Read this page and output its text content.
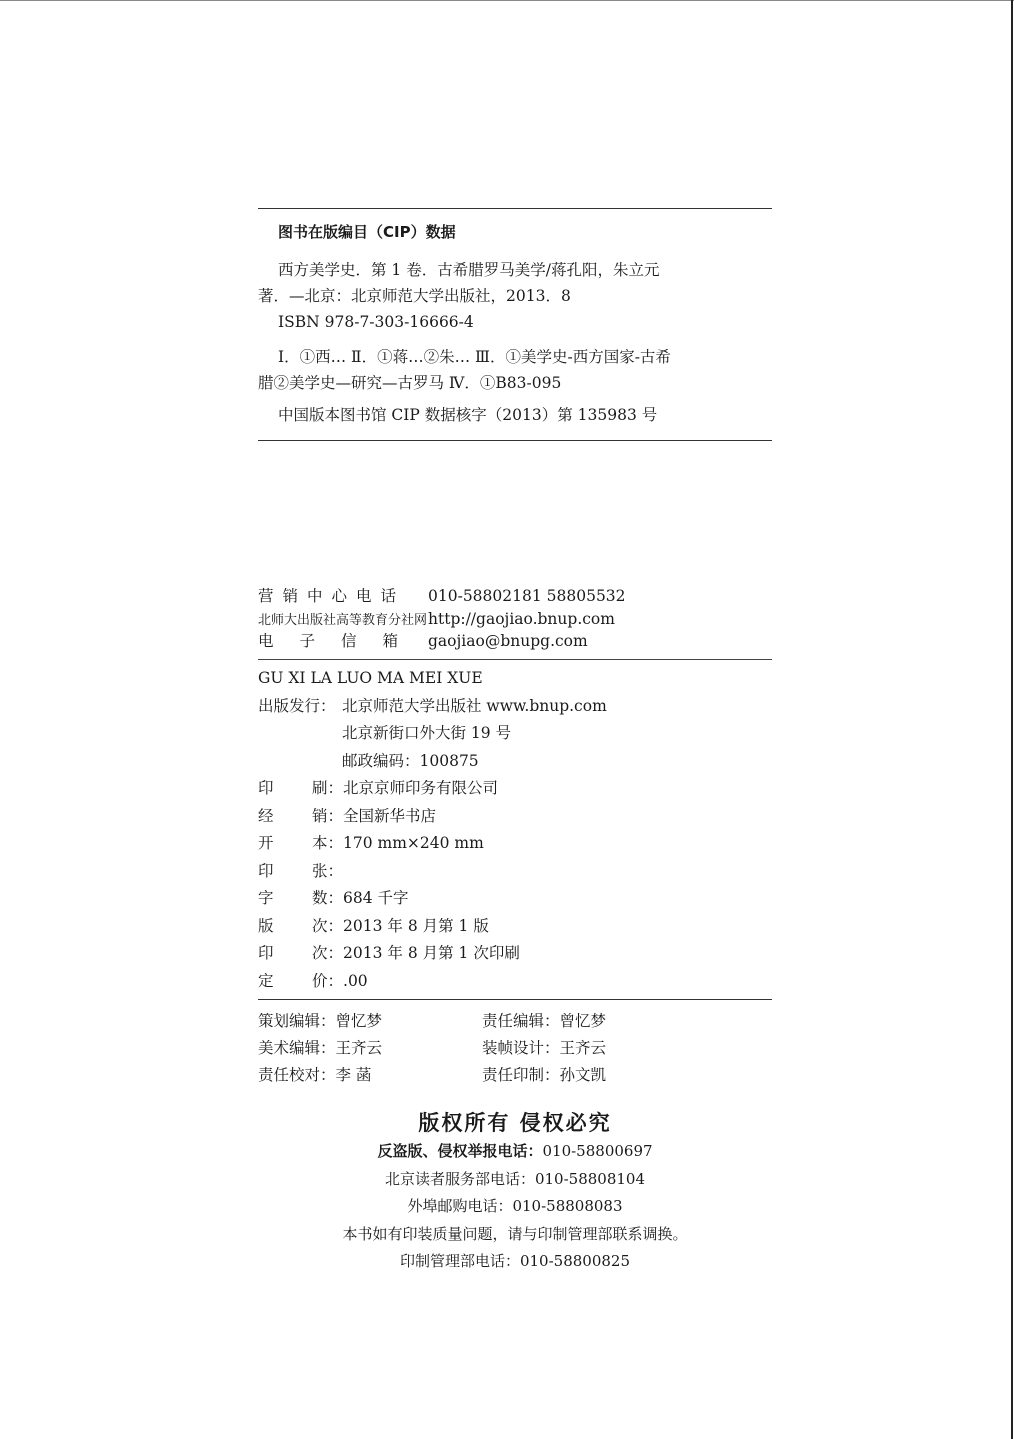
图书在版编目（CIP）数据

西方美学史．第 1 卷．古希腊罗马美学/蒋孔阳，朱立元

著．—北京：北京师范大学出版社，2013．8

ISBN 978-7-303-16666-4

Ⅰ．①西… Ⅱ．①蒋…②朱… Ⅲ．①美学史-西方国家-古希

腊②美学史—研究—古罗马 Ⅳ．①B83-095

中国版本图书馆 CIP 数据核字（2013）第 135983 号

营销中心电话 010-58802181 58805532
北师大出版社高等教育分社网http://gaojiao.bnup.com
电子信箱 gaojiao@bnupg.com
GU XI LA LUO MA MEI XUE
出版发行： 北京师范大学出版社 www.bnup.com
北京新街口外大街 19 号
邮政编码：100875
印 刷：北京京师印务有限公司
经 销：全国新华书店
开 本：170 mm×240 mm
印 张：
字 数：684 千字
版 次：2013 年 8 月第 1 版
印 次：2013 年 8 月第 1 次印刷
定 价：.00
策划编辑：曾忆梦	责任编辑：曾忆梦
美术编辑：王齐云	装帧设计：王齐云
责任校对：李 菡	责任印制：孙文凯
版权所有 侵权必究
反盗版、侵权举报电话：010-58800697
北京读者服务部电话：010-58808104
外埠邮购电话：010-58808083
本书如有印装质量问题，请与印制管理部联系调换。
印制管理部电话：010-58800825
